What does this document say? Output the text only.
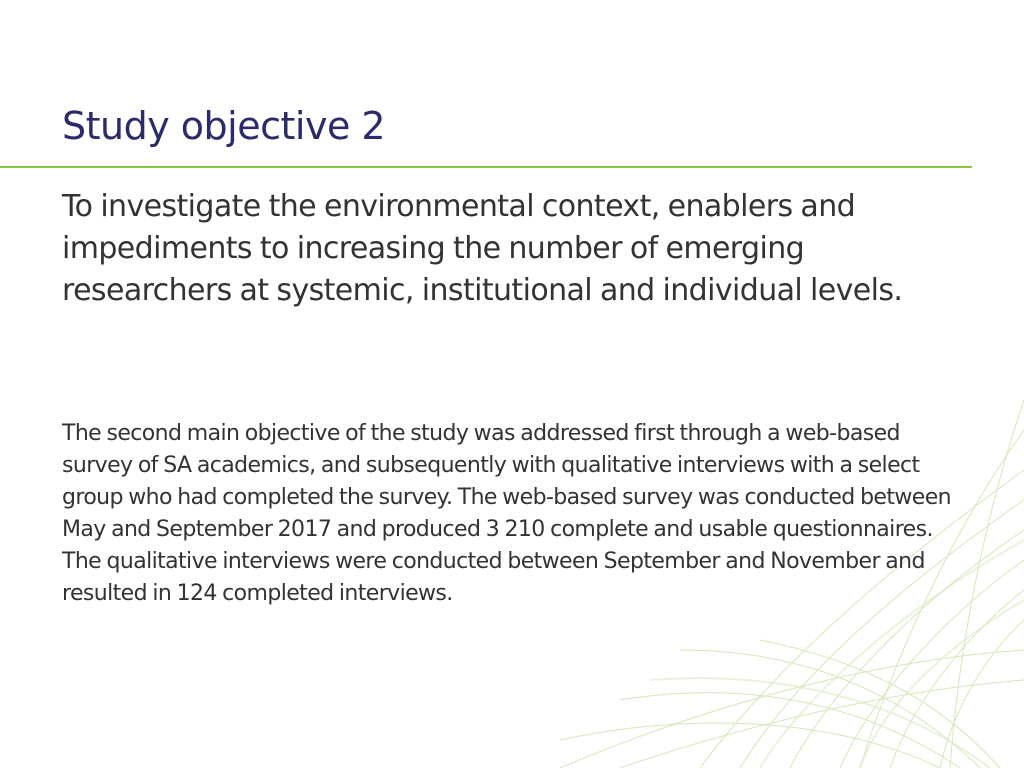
Study objective 2

To investigate the environmental context, enablers and impediments to increasing the number of emerging researchers at systemic, institutional and individual levels.

The second main objective of the study was addressed first through a web-based survey of SA academics, and subsequently with qualitative interviews with a select group who had completed the survey. The web-based survey was conducted between May and September 2017 and produced 3 210 complete and usable questionnaires. The qualitative interviews were conducted between September and November and resulted in 124 completed interviews.
